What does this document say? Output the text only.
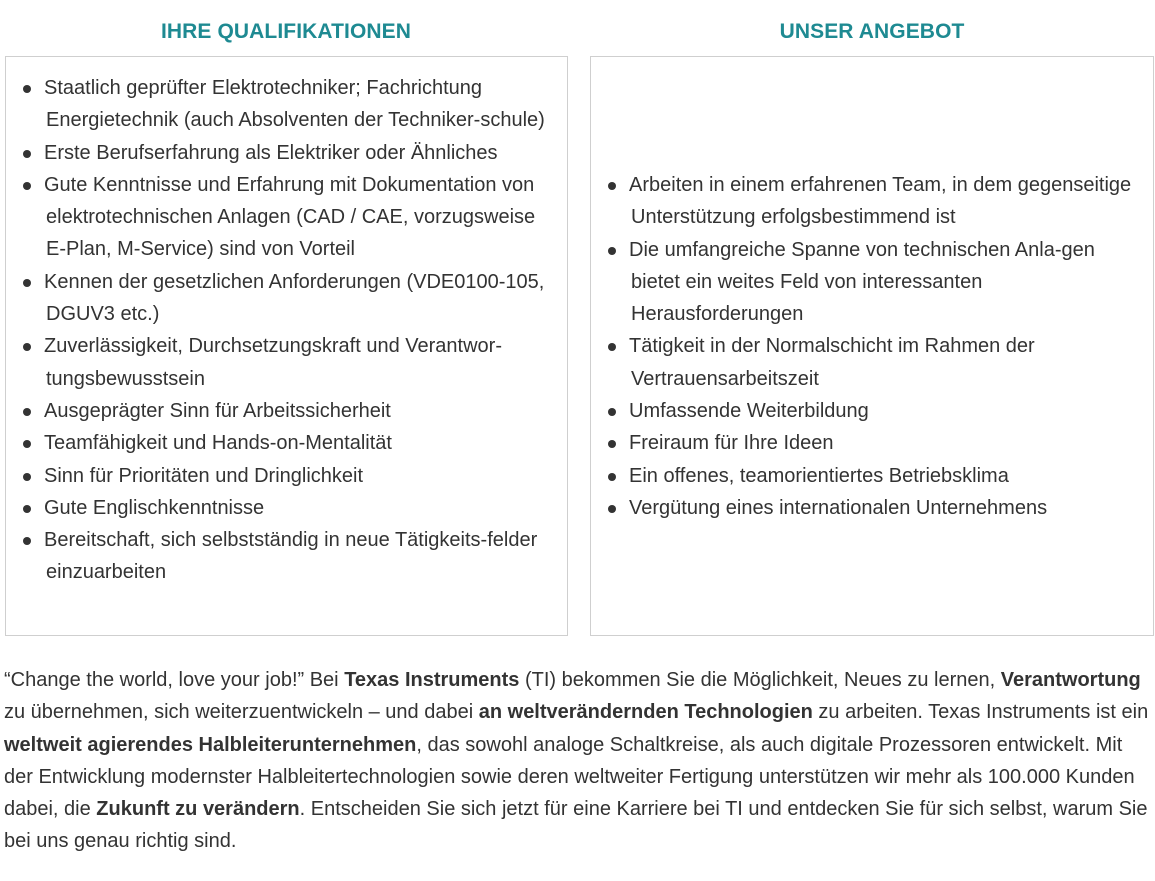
IHRE QUALIFIKATIONEN	UNSER ANGEBOT
Staatlich geprüfter Elektrotechniker; Fachrichtung Energietechnik (auch Absolventen der Techniker-schule)
Erste Berufserfahrung als Elektriker oder Ähnliches
Gute Kenntnisse und Erfahrung mit Dokumentation von elektrotechnischen Anlagen (CAD / CAE, vorzugsweise E-Plan, M-Service) sind von Vorteil
Kennen der gesetzlichen Anforderungen (VDE0100-105, DGUV3 etc.)
Zuverlässigkeit, Durchsetzungskraft und Verantwor-tungsbewusstsein
Ausgeprägter Sinn für Arbeitssicherheit
Teamfähigkeit und Hands-on-Mentalität
Sinn für Prioritäten und Dringlichkeit
Gute Englischkenntnisse
Bereitschaft, sich selbstständig in neue Tätigkeits-felder einzuarbeiten
Arbeiten in einem erfahrenen Team, in dem gegenseitige Unterstützung erfolgsbestimmend ist
Die umfangreiche Spanne von technischen Anla-gen bietet ein weites Feld von interessanten Herausforderungen
Tätigkeit in der Normalschicht im Rahmen der Vertrauensarbeitszeit
Umfassende Weiterbildung
Freiraum für Ihre Ideen
Ein offenes, teamorientiertes Betriebsklima
Vergütung eines internationalen Unternehmens

“Change the world, love your job!” Bei Texas Instruments (TI) bekommen Sie die Möglichkeit, Neues zu lernen, Verantwortung zu übernehmen, sich weiterzuentwickeln – und dabei an weltverändernden Technologien zu arbeiten. Texas Instruments ist ein weltweit agierendes Halbleiterunternehmen, das sowohl analoge Schaltkreise, als auch digitale Prozessoren entwickelt. Mit der Entwicklung modernster Halbleitertechnologien sowie deren weltweiter Fertigung unterstützen wir mehr als 100.000 Kunden dabei, die Zukunft zu verändern. Entscheiden Sie sich jetzt für eine Karriere bei TI und entdecken Sie für sich selbst, warum Sie bei uns genau richtig sind.
